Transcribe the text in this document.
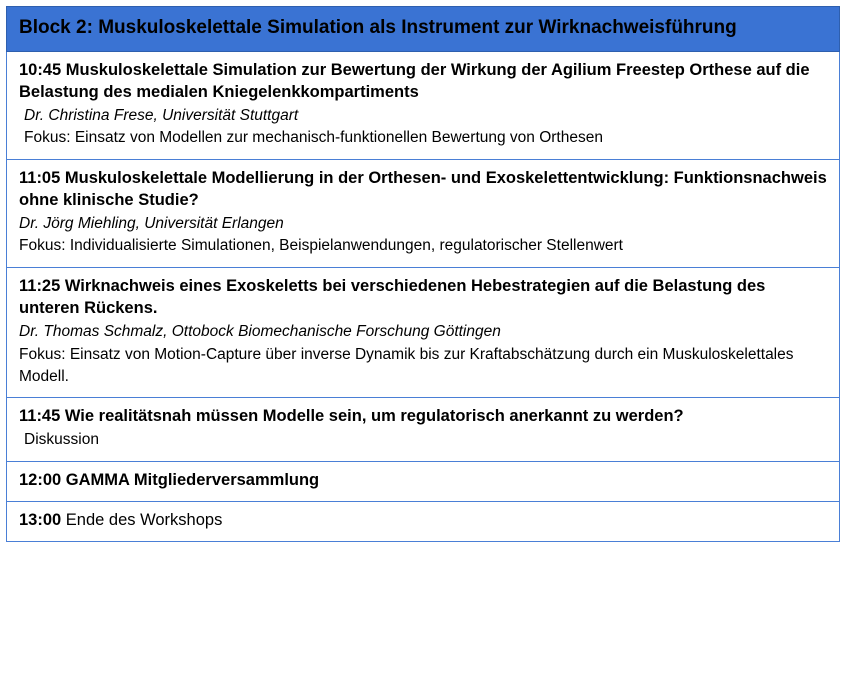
Block 2: Muskuloskelettale Simulation als Instrument zur Wirknachweisführung
10:45 Muskuloskelettale Simulation zur Bewertung der Wirkung der Agilium Freestep Orthese auf die Belastung des medialen Kniegelenkkompartiments
Dr. Christina Frese, Universität Stuttgart
Fokus: Einsatz von Modellen zur mechanisch-funktionellen Bewertung von Orthesen
11:05 Muskuloskelettale Modellierung in der Orthesen- und Exoskelettentwicklung: Funktionsnachweis ohne klinische Studie?
Dr. Jörg Miehling, Universität Erlangen
Fokus: Individualisierte Simulationen, Beispielanwendungen, regulatorischer Stellenwert
11:25 Wirknachweis eines Exoskeletts bei verschiedenen Hebestrategien auf die Belastung des unteren Rückens.
Dr. Thomas Schmalz, Ottobock Biomechanische Forschung Göttingen
Fokus: Einsatz von Motion-Capture über inverse Dynamik bis zur Kraftabschätzung durch ein Muskuloskelettales Modell.
11:45 Wie realitätsnah müssen Modelle sein, um regulatorisch anerkannt zu werden?
Diskussion
12:00 GAMMA Mitgliederversammlung
13:00 Ende des Workshops
